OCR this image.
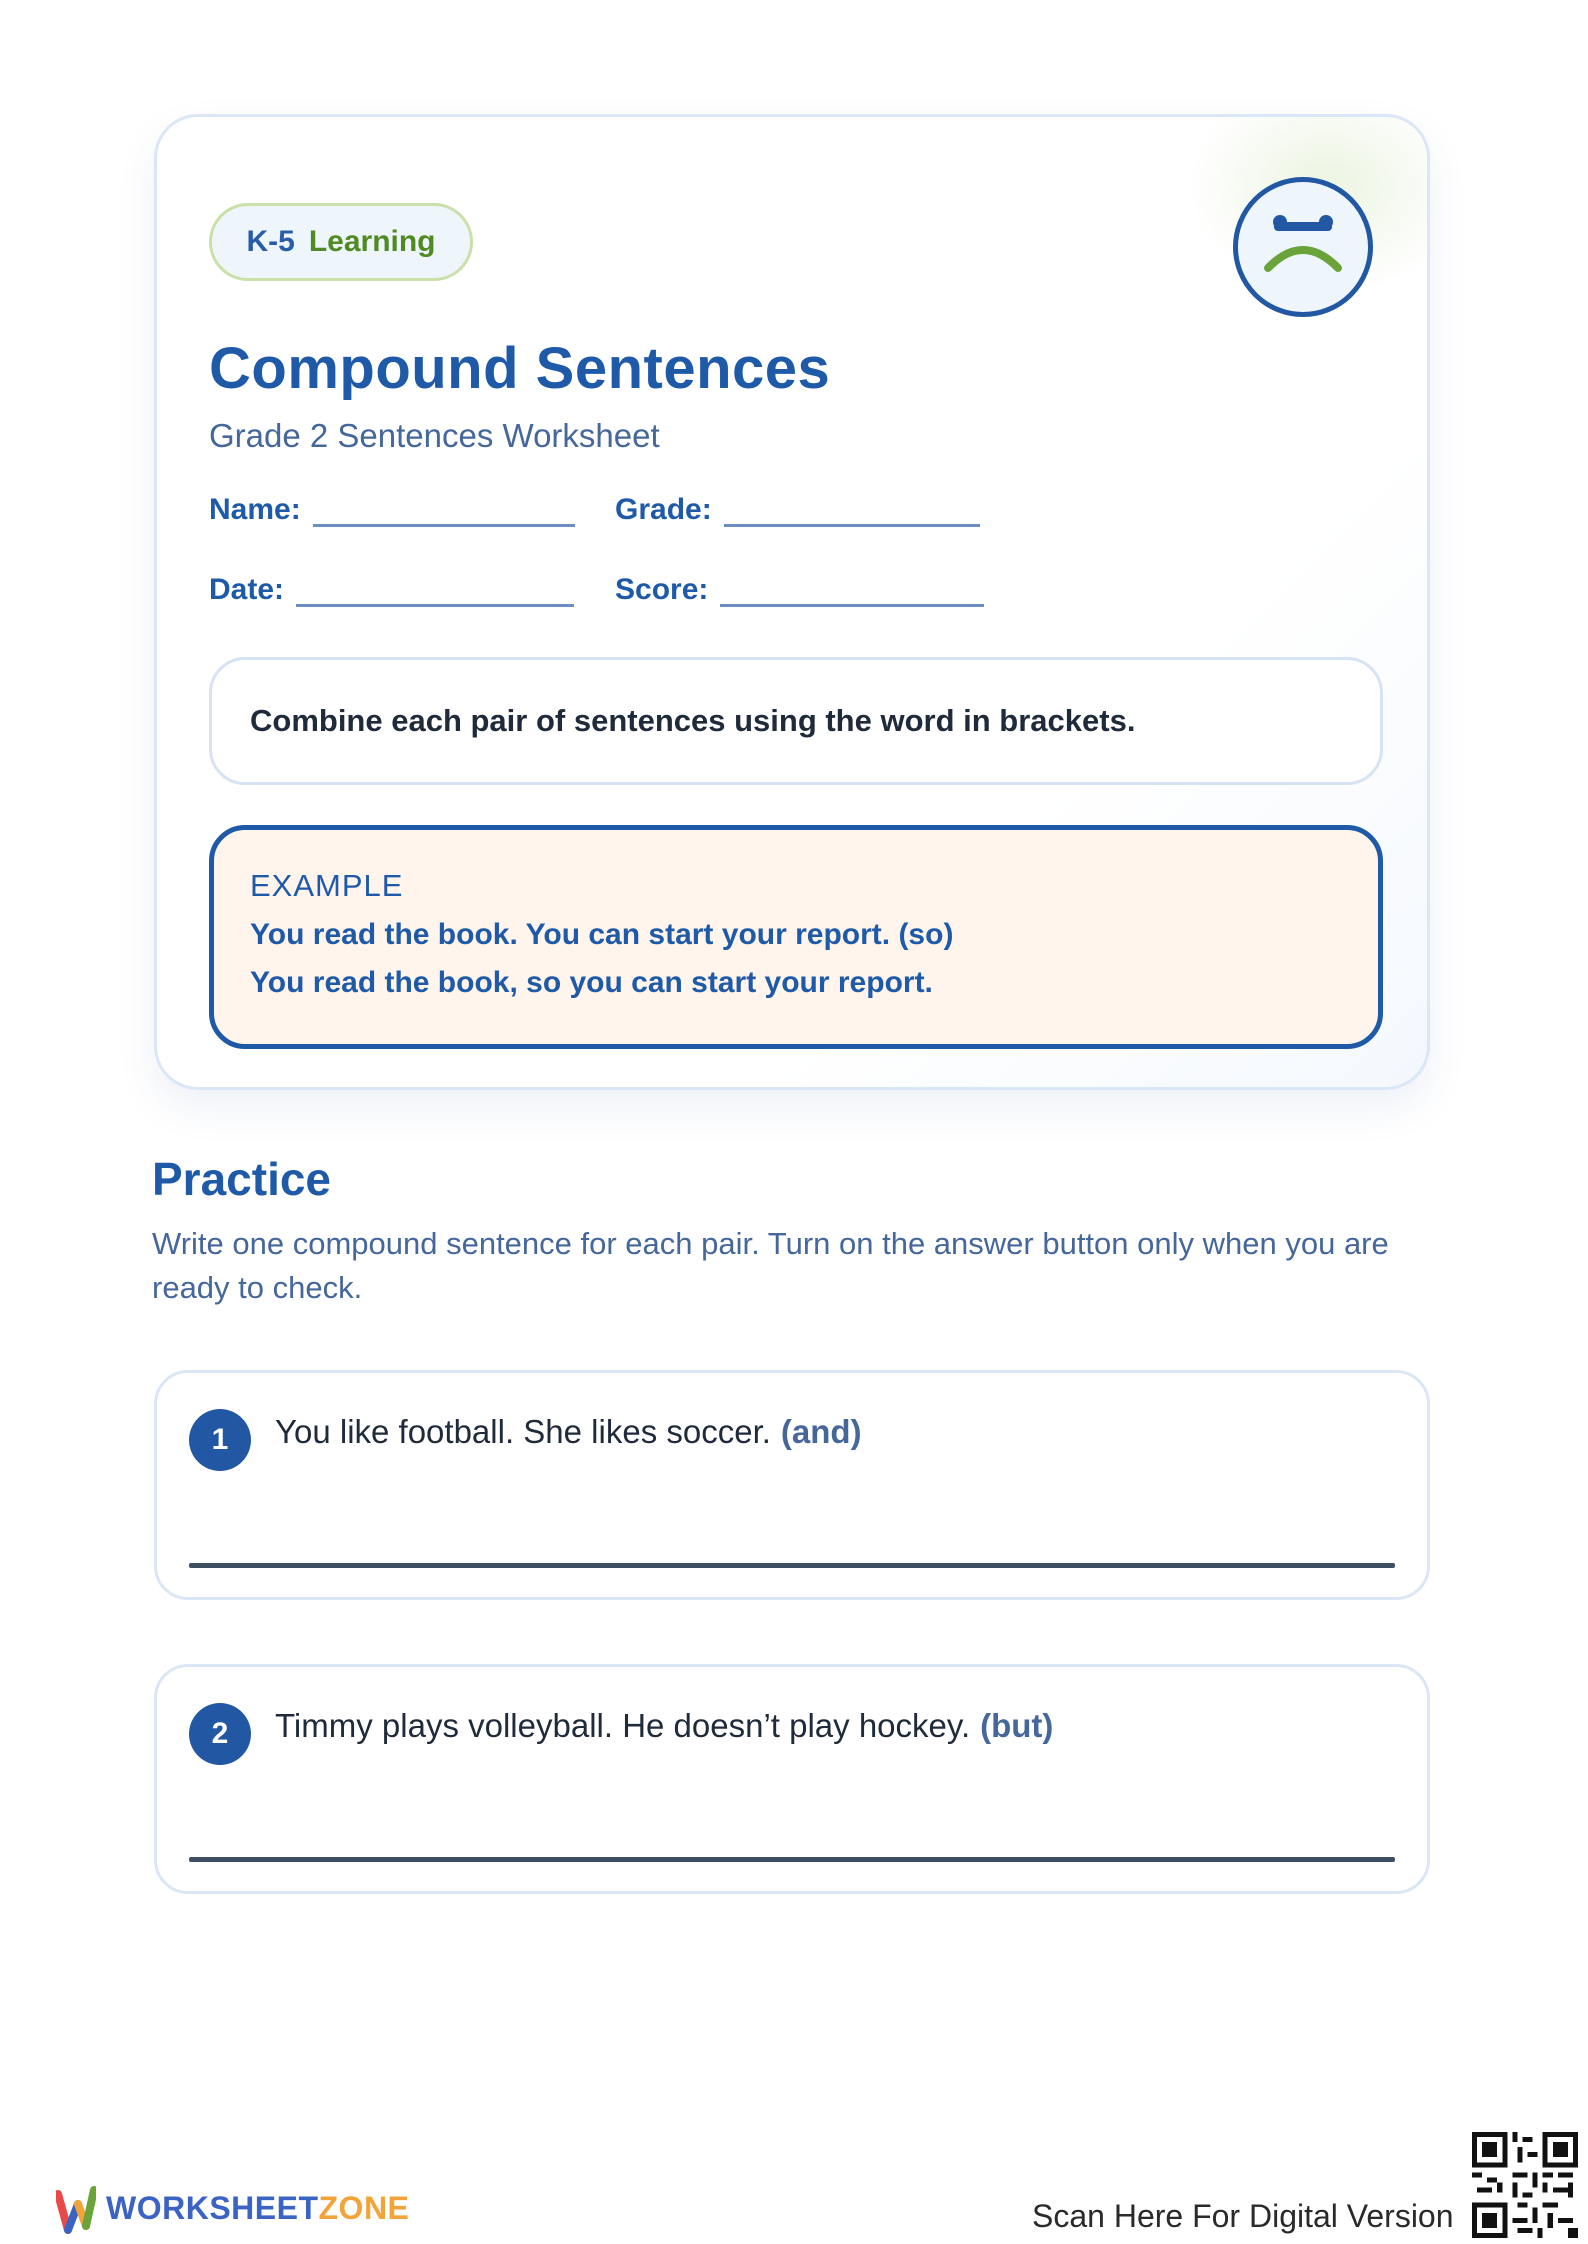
K-5 Learning
Compound Sentences
Grade 2 Sentences Worksheet
Name:	Grade:
Date:	Score:
Combine each pair of sentences using the word in brackets.
EXAMPLE
You read the book. You can start your report. (so)
You read the book, so you can start your report.
Practice
Write one compound sentence for each pair. Turn on the answer button only when you are ready to check.
1	You like football. She likes soccer. (and)
2	Timmy plays volleyball. He doesn’t play hockey. (but)
WORKSHEETZONE	Scan Here For Digital Version
